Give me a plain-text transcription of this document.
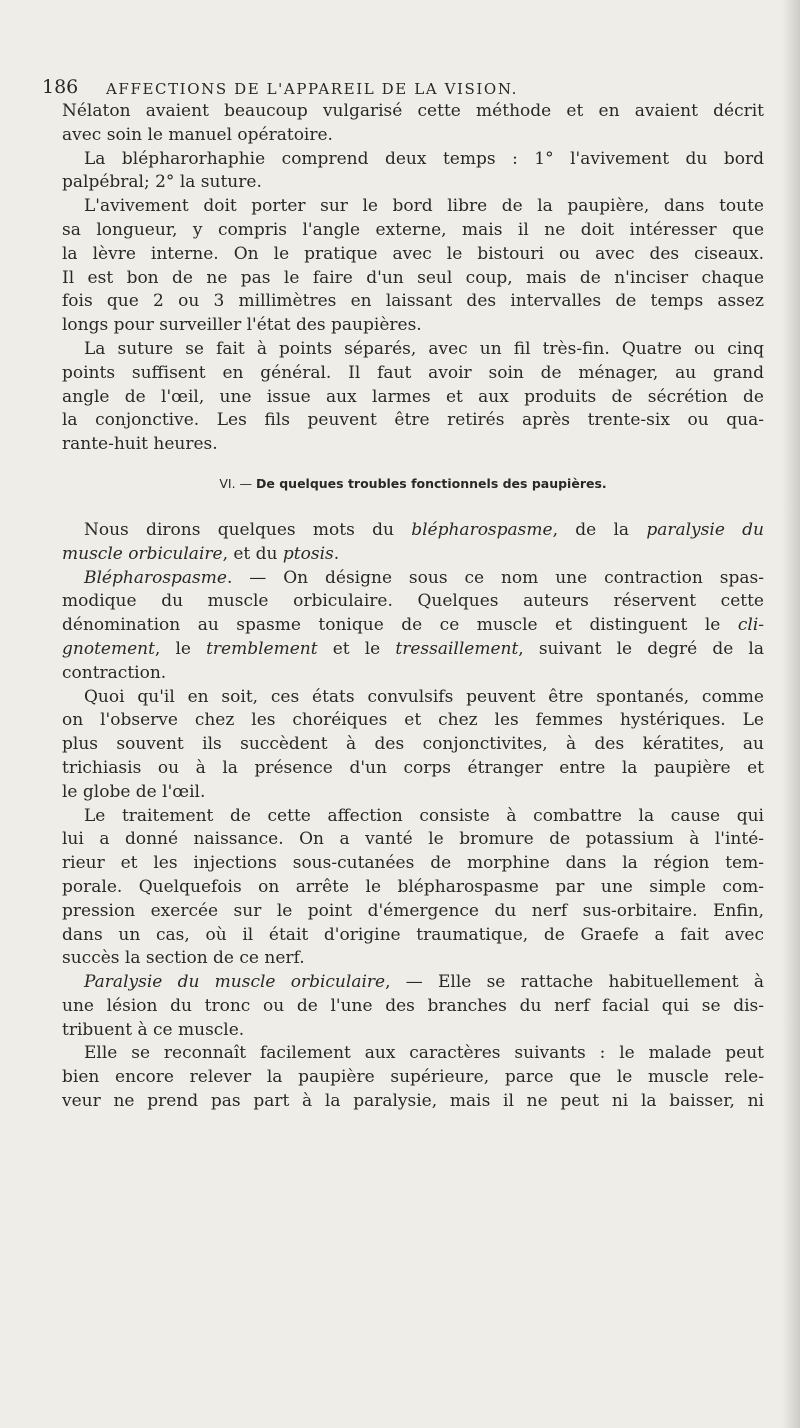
186 AFFECTIONS DE L'APPAREIL DE LA VISION.
Nélaton avaient beaucoup vulgarisé cette méthode et en avaient décrit
avec soin le manuel opératoire.
La blépharorhaphie comprend deux temps : 1° l'avivement du bord
palpébral; 2° la suture.
L'avivement doit porter sur le bord libre de la paupière, dans toute
sa longueur, y compris l'angle externe, mais il ne doit intéresser que
la lèvre interne. On le pratique avec le bistouri ou avec des ciseaux.
Il est bon de ne pas le faire d'un seul coup, mais de n'inciser chaque
fois que 2 ou 3 millimètres en laissant des intervalles de temps assez
longs pour surveiller l'état des paupières.
La suture se fait à points séparés, avec un fil très-fin. Quatre ou cinq
points suffisent en général. Il faut avoir soin de ménager, au grand
angle de l'œil, une issue aux larmes et aux produits de sécrétion de
la conjonctive. Les fils peuvent être retirés après trente-six ou qua-
rante-huit heures.
VI. — De quelques troubles fonctionnels des paupières.
Nous dirons quelques mots du blépharospasme, de la paralysie du
muscle orbiculaire, et du ptosis.
Blépharospasme. — On désigne sous ce nom une contraction spas-
modique du muscle orbiculaire. Quelques auteurs réservent cette
dénomination au spasme tonique de ce muscle et distinguent le cli-
gnotement, le tremblement et le tressaillement, suivant le degré de la
contraction.
Quoi qu'il en soit, ces états convulsifs peuvent être spontanés, comme
on l'observe chez les choréiques et chez les femmes hystériques. Le
plus souvent ils succèdent à des conjonctivites, à des kératites, au
trichiasis ou à la présence d'un corps étranger entre la paupière et
le globe de l'œil.
Le traitement de cette affection consiste à combattre la cause qui
lui a donné naissance. On a vanté le bromure de potassium à l'inté-
rieur et les injections sous-cutanées de morphine dans la région tem-
porale. Quelquefois on arrête le blépharospasme par une simple com-
pression exercée sur le point d'émergence du nerf sus-orbitaire. Enfin,
dans un cas, où il était d'origine traumatique, de Graefe a fait avec
succès la section de ce nerf.
Paralysie du muscle orbiculaire, — Elle se rattache habituellement à
une lésion du tronc ou de l'une des branches du nerf facial qui se dis-
tribuent à ce muscle.
Elle se reconnaît facilement aux caractères suivants : le malade peut
bien encore relever la paupière supérieure, parce que le muscle rele-
veur ne prend pas part à la paralysie, mais il ne peut ni la baisser, ni
